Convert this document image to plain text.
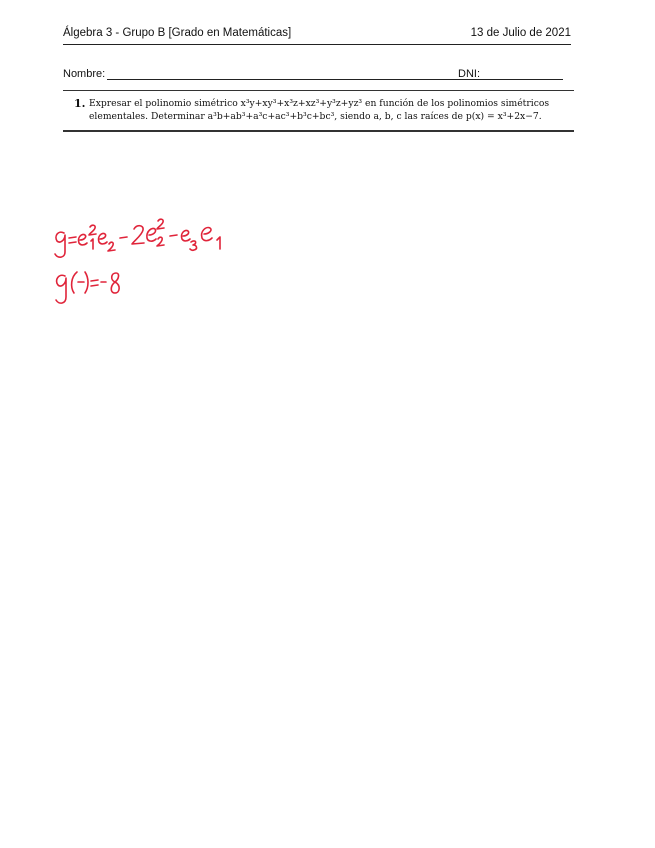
Álgebra 3 - Grupo B [Grado en Matemáticas]	13 de Julio de 2021
Nombre:	DNI:
1. Expresar el polinomio simétrico x³y+xy³+x³z+xz³+y³z+yz³ en función de los polinomios simétricos
elementales. Determinar a³b+ab³+a³c+ac³+b³c+bc³, siendo a, b, c las raíces de p(x) = x³+2x−7.
